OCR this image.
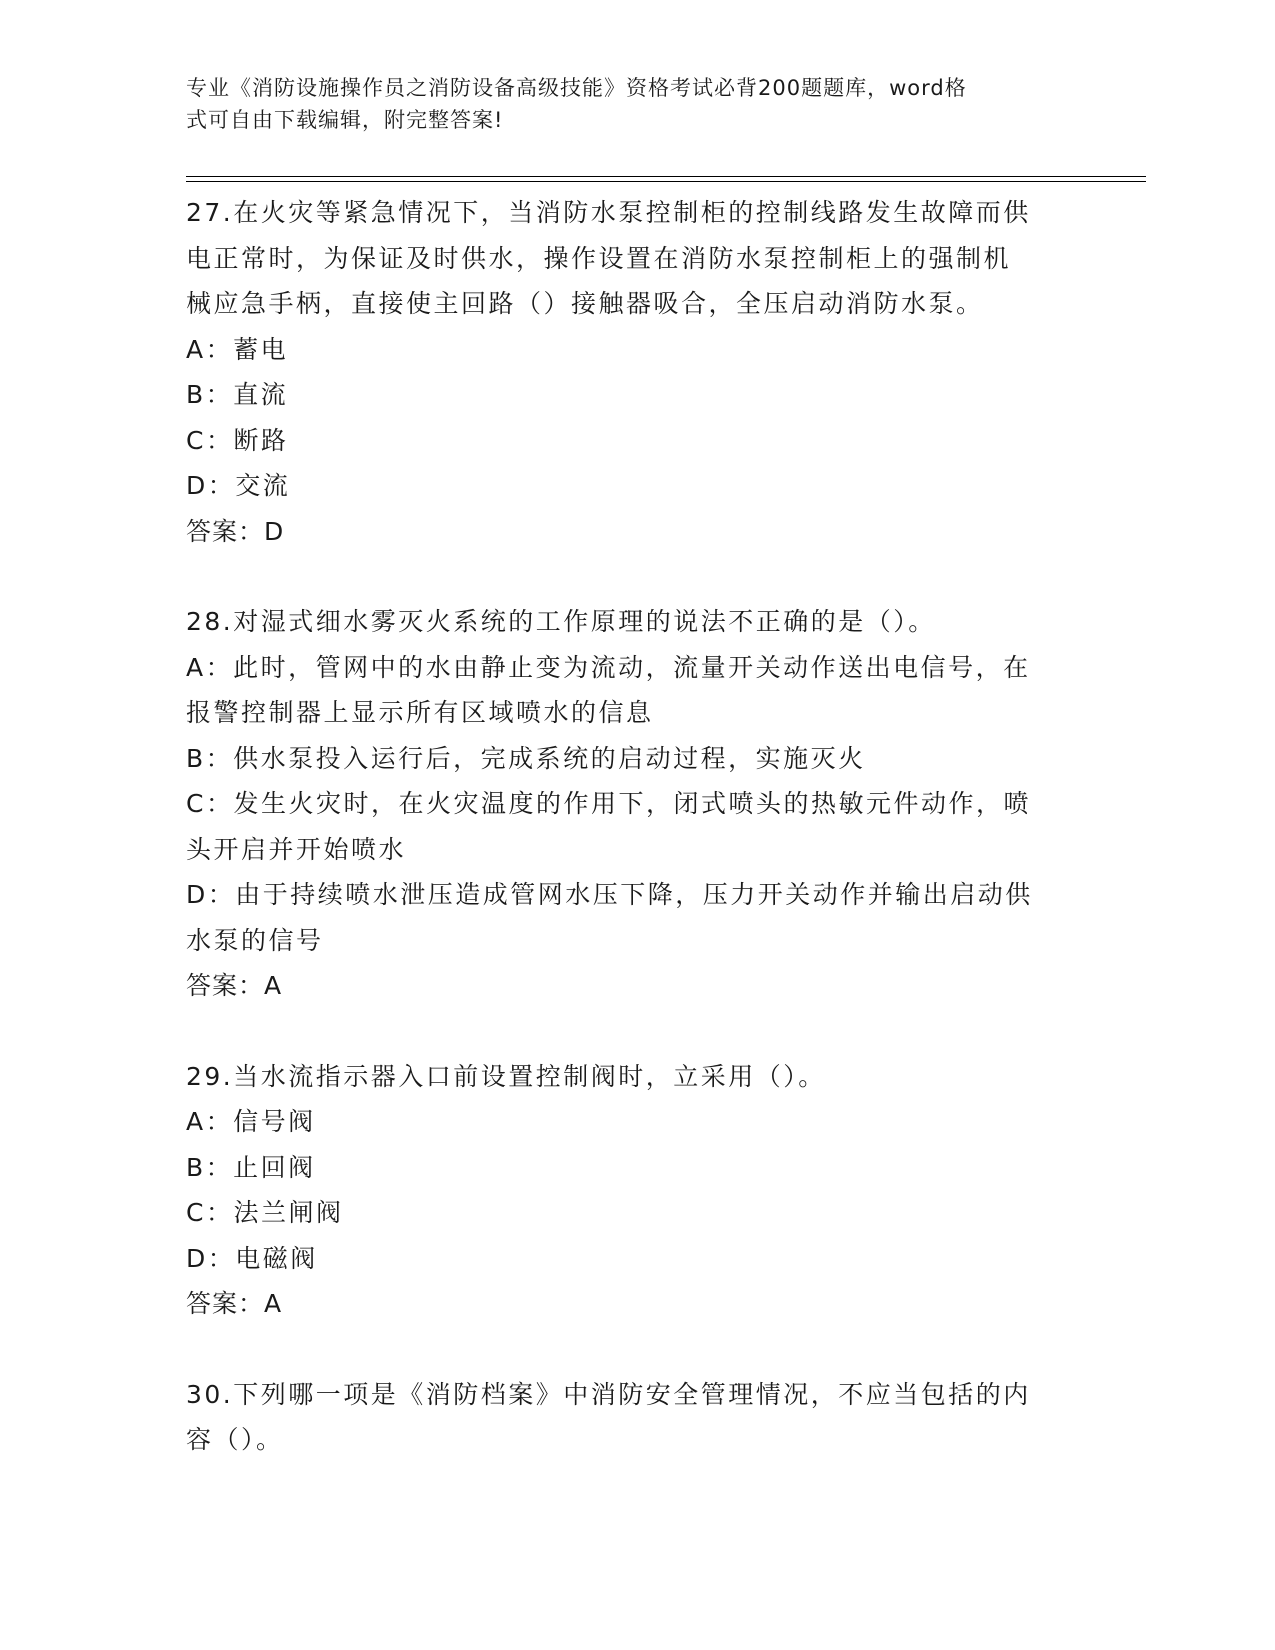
专业《消防设施操作员之消防设备高级技能》资格考试必背200题题库，word格
式可自由下载编辑，附完整答案!
27.在火灾等紧急情况下，当消防水泵控制柜的控制线路发生故障而供
电正常时，为保证及时供水，操作设置在消防水泵控制柜上的强制机
械应急手柄，直接使主回路（）接触器吸合，全压启动消防水泵。
A：蓄电
B：直流
C：断路
D：交流
答案：D
28.对湿式细水雾灭火系统的工作原理的说法不正确的是（）。
A：此时，管网中的水由静止变为流动，流量开关动作送出电信号，在
报警控制器上显示所有区域喷水的信息
B：供水泵投入运行后，完成系统的启动过程，实施灭火
C：发生火灾时，在火灾温度的作用下，闭式喷头的热敏元件动作，喷
头开启并开始喷水
D：由于持续喷水泄压造成管网水压下降，压力开关动作并输出启动供
水泵的信号
答案：A
29.当水流指示器入口前设置控制阀时，立采用（）。
A：信号阀
B：止回阀
C：法兰闸阀
D：电磁阀
答案：A
30.下列哪一项是《消防档案》中消防安全管理情况，不应当包括的内
容（）。
